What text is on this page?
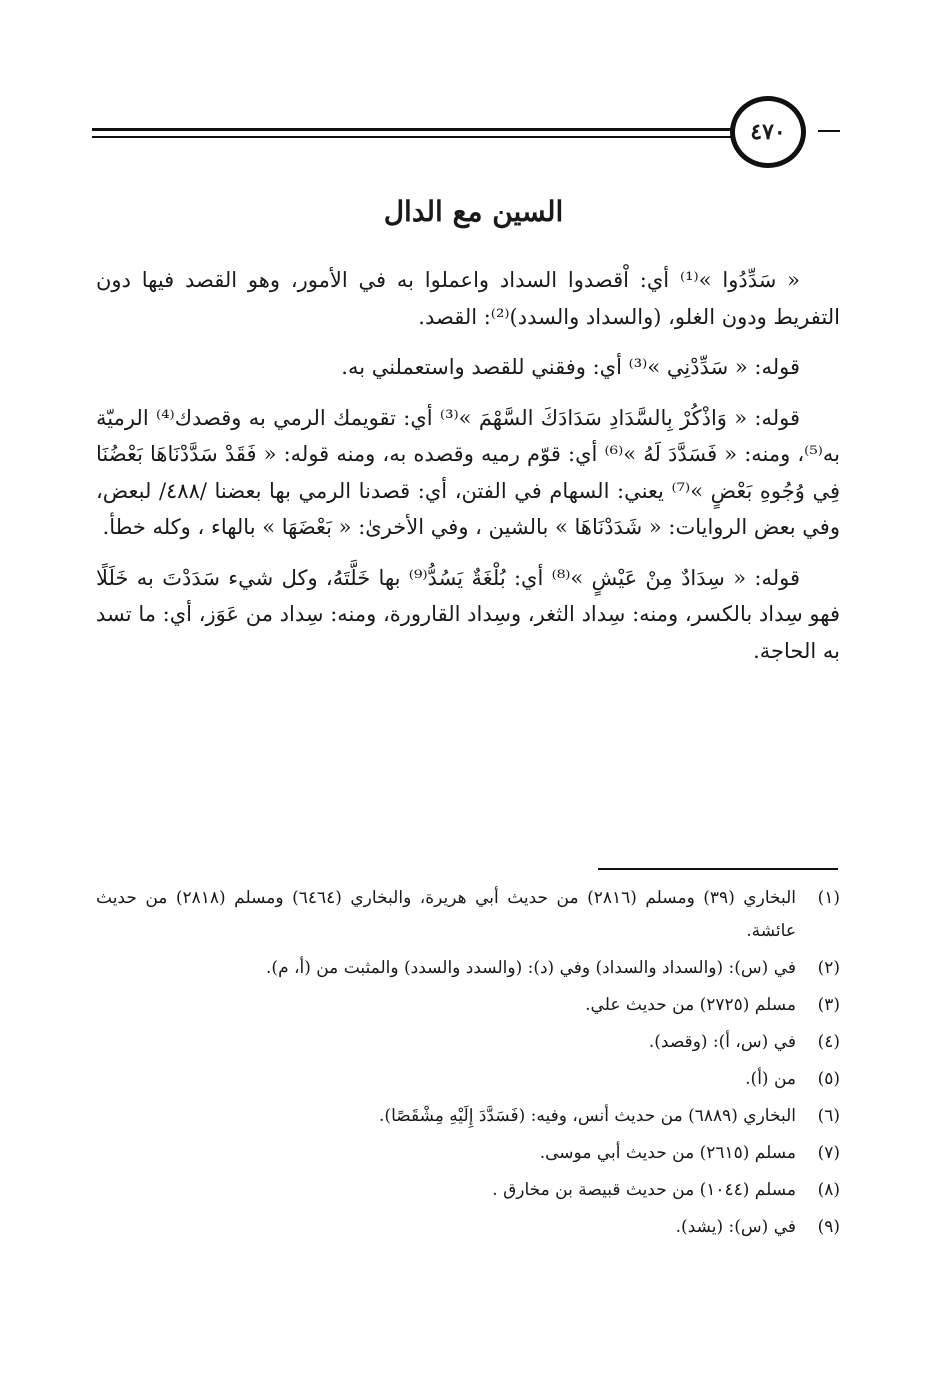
٤٧٠
السين مع الدال

« سَدِّدُوا »⁽¹⁾ أي: اْقصدوا السداد واعملوا به في الأمور، وهو القصد فيها دون التفريط ودون الغلو، (والسداد والسدد)⁽²⁾: القصد.

قوله: « سَدِّدْنِي »⁽³⁾ أي: وفقني للقصد واستعملني به.

قوله: « وَاذْكُرْ بِالسَّدَادِ سَدَادَكَ السَّهْمَ »⁽³⁾ أي: تقويمك الرمي به وقصدك⁽⁴⁾ الرميّة به⁽⁵⁾، ومنه: « فَسَدَّدَ لَهُ »⁽⁶⁾ أي: قوّم رميه وقصده به، ومنه قوله: « فَقَدْ سَدَّدْنَاهَا بَعْضُنَا فِي وُجُوهِ بَعْضٍ »⁽⁷⁾ يعني: السهام في الفتن، أي: قصدنا الرمي بها بعضنا /٤٨٨/ لبعض، وفي بعض الروايات: « شَدَدْنَاهَا » بالشين ، وفي الأخرىٰ: « بَعْضَهَا » بالهاء ، وكله خطأ.

قوله: « سِدَادٌ مِنْ عَيْشٍ »⁽⁸⁾ أي: بُلْغَةٌ يَسُدُّ⁽⁹⁾ بها خَلَّتَهُ، وكل شيء سَدَدْتَ به خَلَلًا فهو سِداد بالكسر، ومنه: سِداد الثغر، وسِداد القارورة، ومنه: سِداد من عَوَز، أي: ما تسد به الحاجة.

(١)
البخاري (٣٩) ومسلم (٢٨١٦) من حديث أبي هريرة، والبخاري (٦٤٦٤) ومسلم (٢٨١٨) من حديث عائشة.
(٢)
في (س): (والسداد والسداد) وفي (د): (والسدد والسدد) والمثبت من (أ، م).
(٣)
مسلم (٢٧٢٥) من حديث علي.
(٤)
في (س، أ): (وقصد).
(٥)
من (أ).
(٦)
البخاري (٦٨٨٩) من حديث أنس، وفيه: (فَسَدَّدَ إِلَيْهِ مِشْقَصًا).
(٧)
مسلم (٢٦١٥) من حديث أبي موسى.
(٨)
مسلم (١٠٤٤) من حديث قبيصة بن مخارق .
(٩)
في (س): (يشد).
